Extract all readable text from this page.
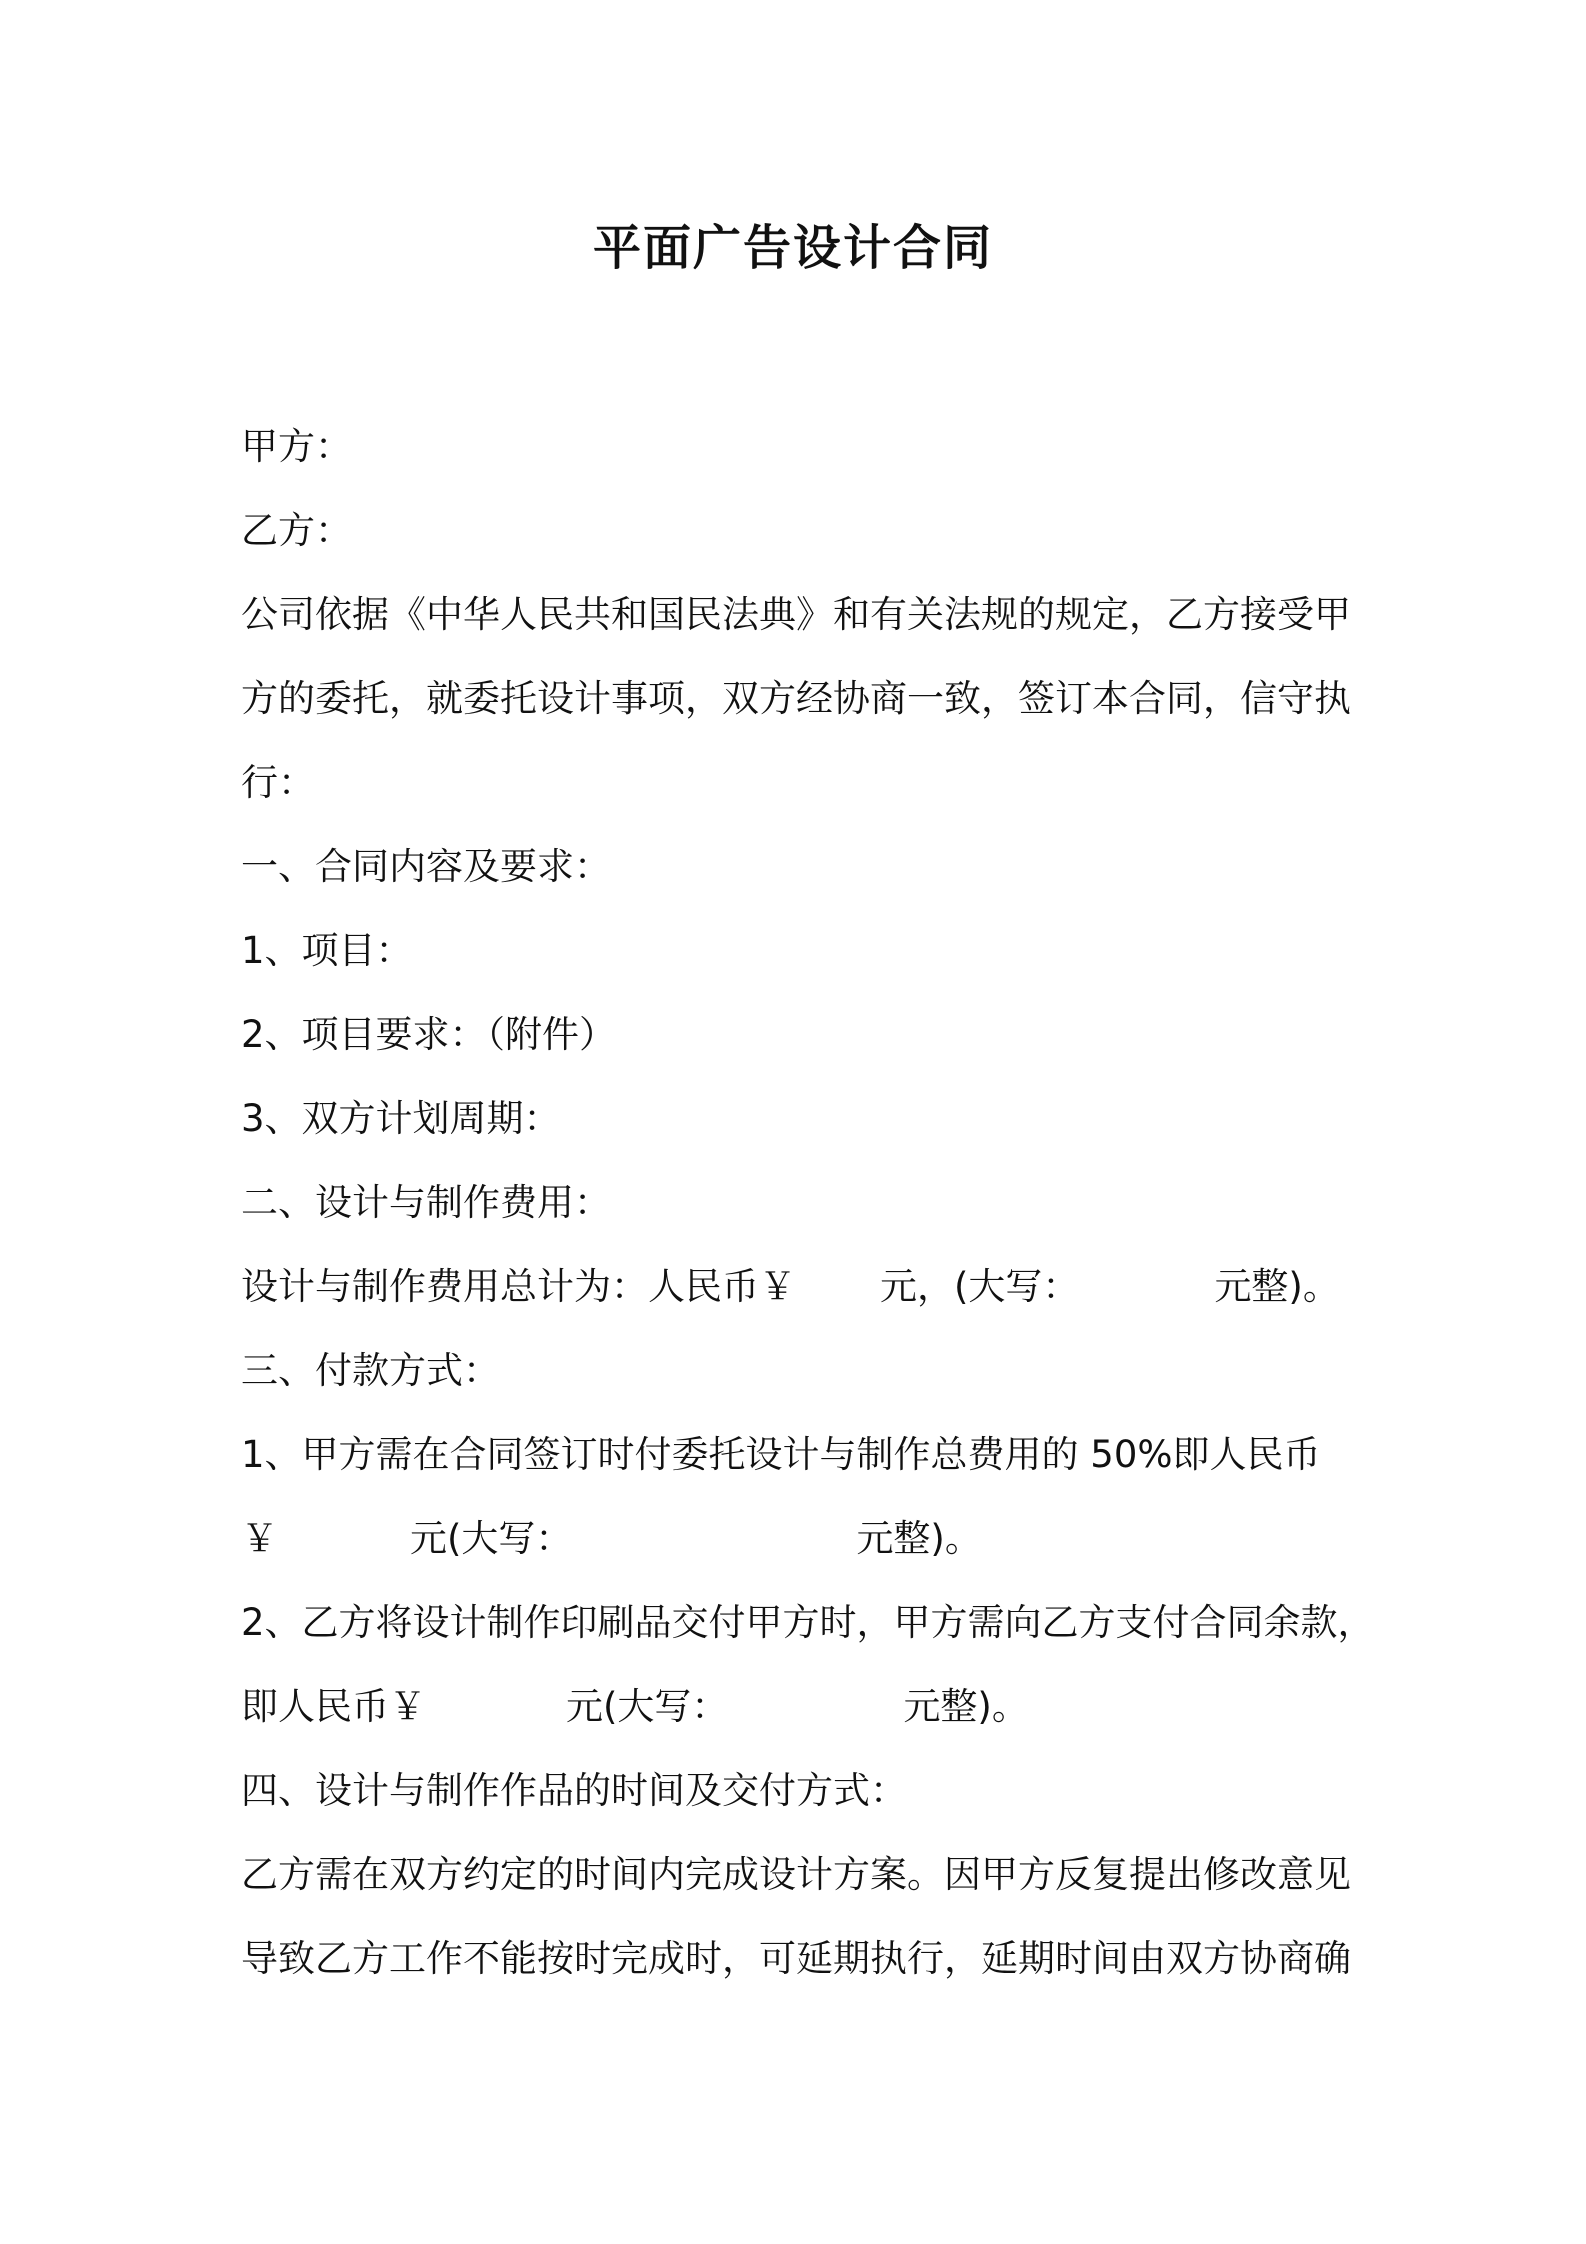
平面广告设计合同
甲方：
乙方：
公司依据《中华人民共和国民法典》和有关法规的规定，乙方接受甲
方的委托，就委托设计事项，双方经协商一致，签订本合同，信守执
行：
一、合同内容及要求：
1、项目：
2、项目要求：（附件）
3、双方计划周期：
二、设计与制作费用：
设计与制作费用总计为：人民币￥ 元，(大写：	元整)。
三、付款方式：
1、甲方需在合同签订时付委托设计与制作总费用的 50%即人民币
￥	元(大写：	元整)。
2、乙方将设计制作印刷品交付甲方时，甲方需向乙方支付合同余款，
即人民币￥	元(大写：	元整)。
四、设计与制作作品的时间及交付方式：
乙方需在双方约定的时间内完成设计方案。因甲方反复提出修改意见
导致乙方工作不能按时完成时，可延期执行，延期时间由双方协商确
